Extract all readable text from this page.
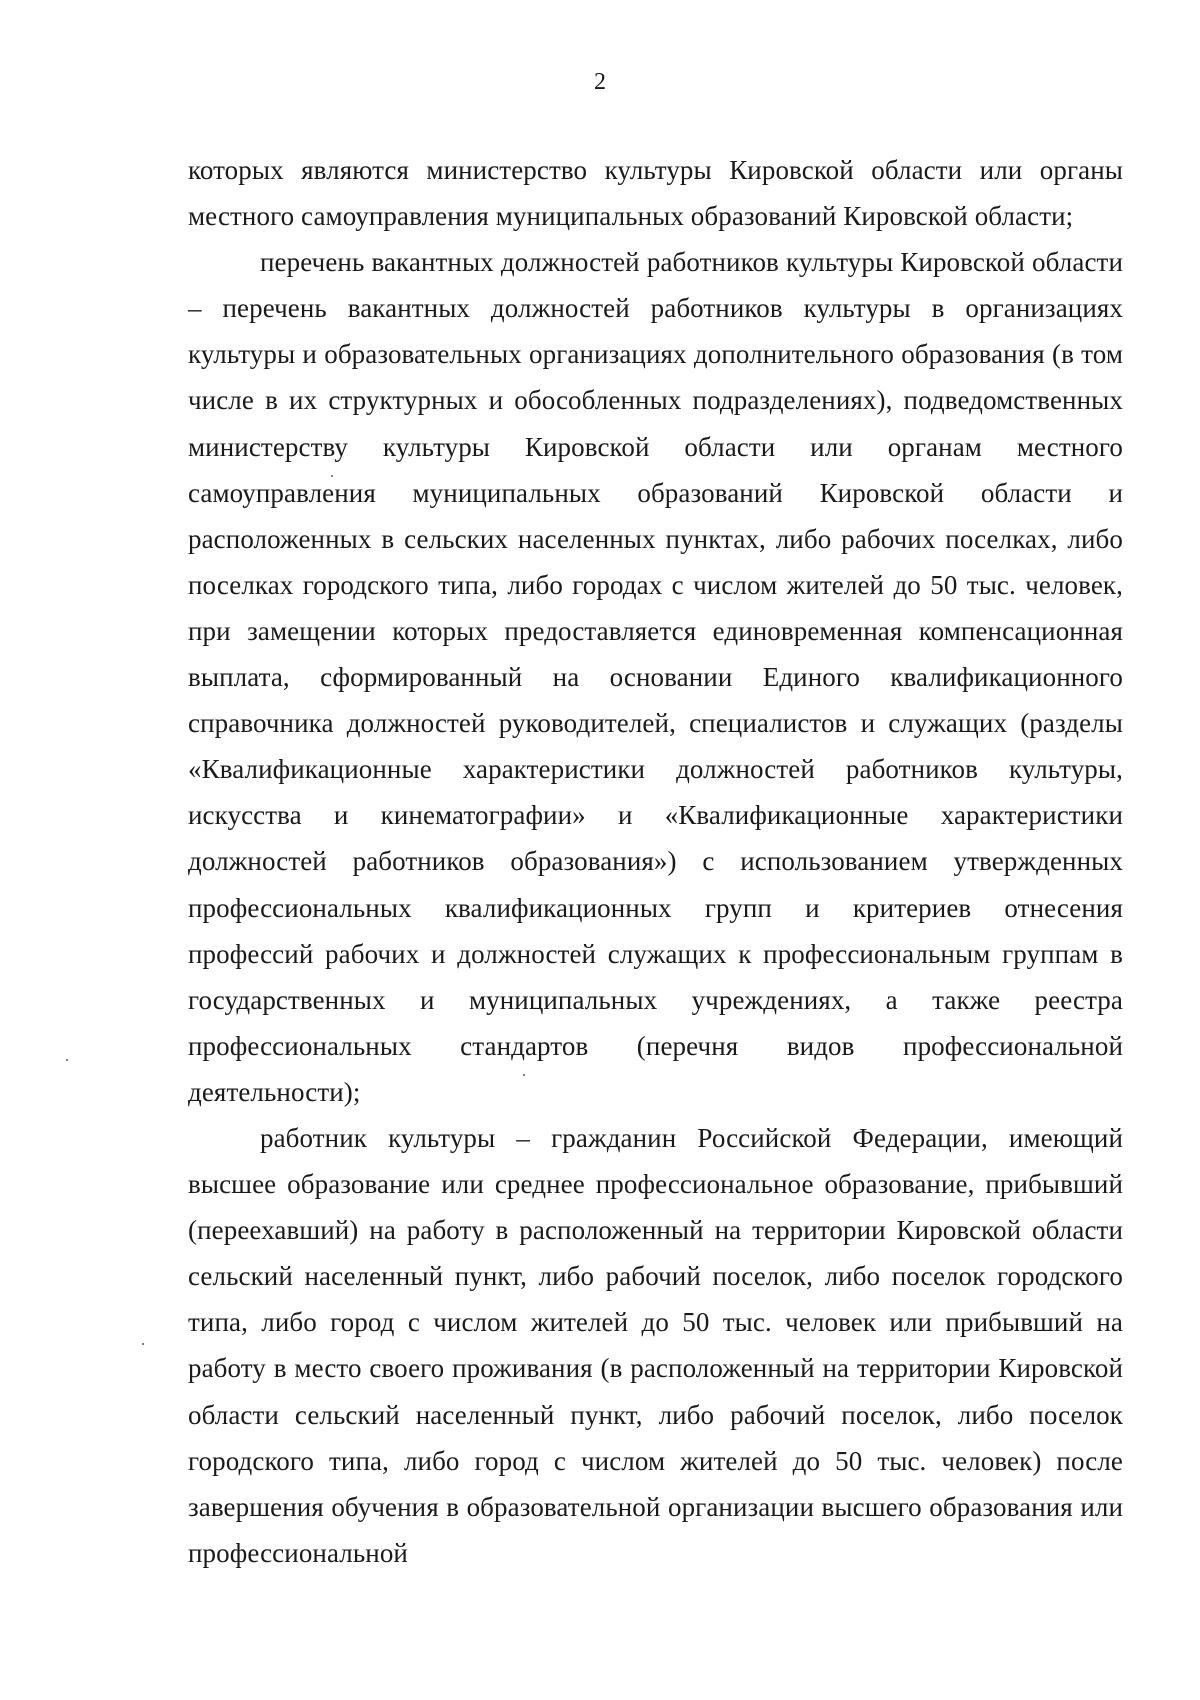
2

которых являются министерство культуры Кировской области или органы местного самоуправления муниципальных образований Кировской области;

перечень вакантных должностей работников культуры Кировской области – перечень вакантных должностей работников культуры в организациях культуры и образовательных организациях дополнительного образования (в том числе в их структурных и обособленных подразделениях), подведомственных министерству культуры Кировской области или органам местного самоуправления муниципальных образований Кировской области и расположенных в сельских населенных пунктах, либо рабочих поселках, либо поселках городского типа, либо городах с числом жителей до 50 тыс. человек, при замещении которых предоставляется единовременная компенсационная выплата, сформированный на основании Единого квалификационного справочника должностей руководителей, специалистов и служащих (разделы «Квалификационные характеристики должностей работников культуры, искусства и кинематографии» и «Квалификационные характеристики должностей работников образования») с использованием утвержденных профессиональных квалификационных групп и критериев отнесения профессий рабочих и должностей служащих к профессиональным группам в государственных и муниципальных учреждениях, а также реестра профессиональных стандартов (перечня видов профессиональной деятельности);

работник культуры – гражданин Российской Федерации, имеющий высшее образование или среднее профессиональное образование, прибывший (переехавший) на работу в расположенный на территории Кировской области сельский населенный пункт, либо рабочий поселок, либо поселок городского типа, либо город с числом жителей до 50 тыс. человек или прибывший на работу в место своего проживания (в расположенный на территории Кировской области сельский населенный пункт, либо рабочий поселок, либо поселок городского типа, либо город с числом жителей до 50 тыс. человек) после завершения обучения в образовательной организации высшего образования или профессиональной
